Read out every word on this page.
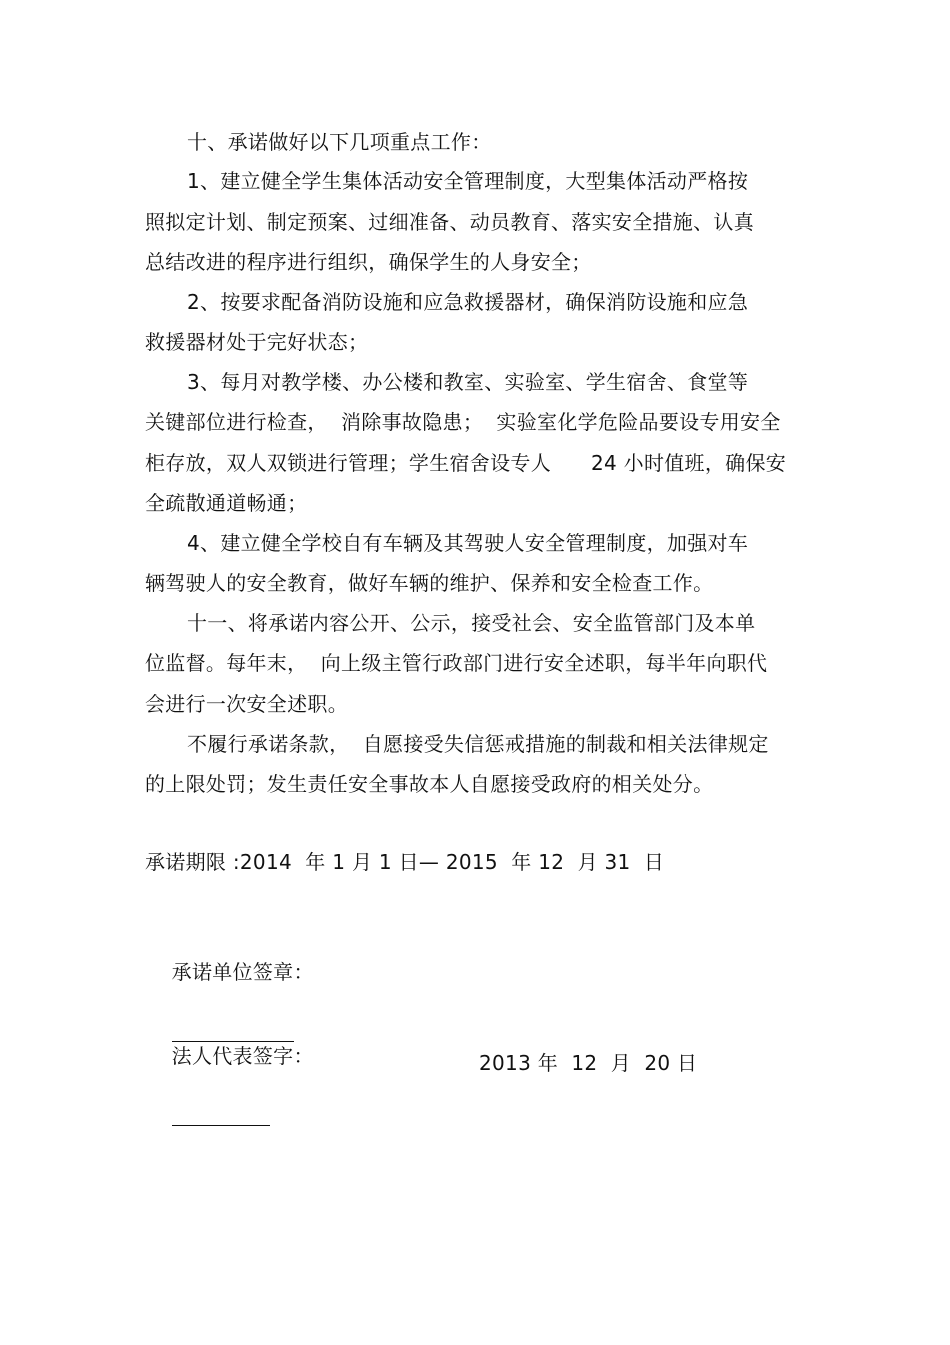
十、承诺做好以下几项重点工作：
1、建立健全学生集体活动安全管理制度，大型集体活动严格按
照拟定计划、制定预案、过细准备、动员教育、落实安全措施、认真
总结改进的程序进行组织，确保学生的人身安全；
2、按要求配备消防设施和应急救援器材，确保消防设施和应急
救援器材处于完好状态；
3、每月对教学楼、办公楼和教室、实验室、学生宿舍、食堂等
关键部位进行检查，  消除事故隐患；  实验室化学危险品要设专用安全
柜存放，双人双锁进行管理；学生宿舍设专人      24 小时值班，确保安
全疏散通道畅通；
4、建立健全学校自有车辆及其驾驶人安全管理制度，加强对车
辆驾驶人的安全教育，做好车辆的维护、保养和安全检查工作。
十一、将承诺内容公开、公示，接受社会、安全监管部门及本单
位监督。每年末，  向上级主管行政部门进行安全述职，每半年向职代
会进行一次安全述职。
不履行承诺条款，  自愿接受失信惩戒措施的制裁和相关法律规定
的上限处罚；发生责任安全事故本人自愿接受政府的相关处分。
承诺期限 :2014  年 1 月 1 日— 2015  年 12  月 31  日

承诺单位签章：

法人代表签字：

	2013 年  12  月  20 日
